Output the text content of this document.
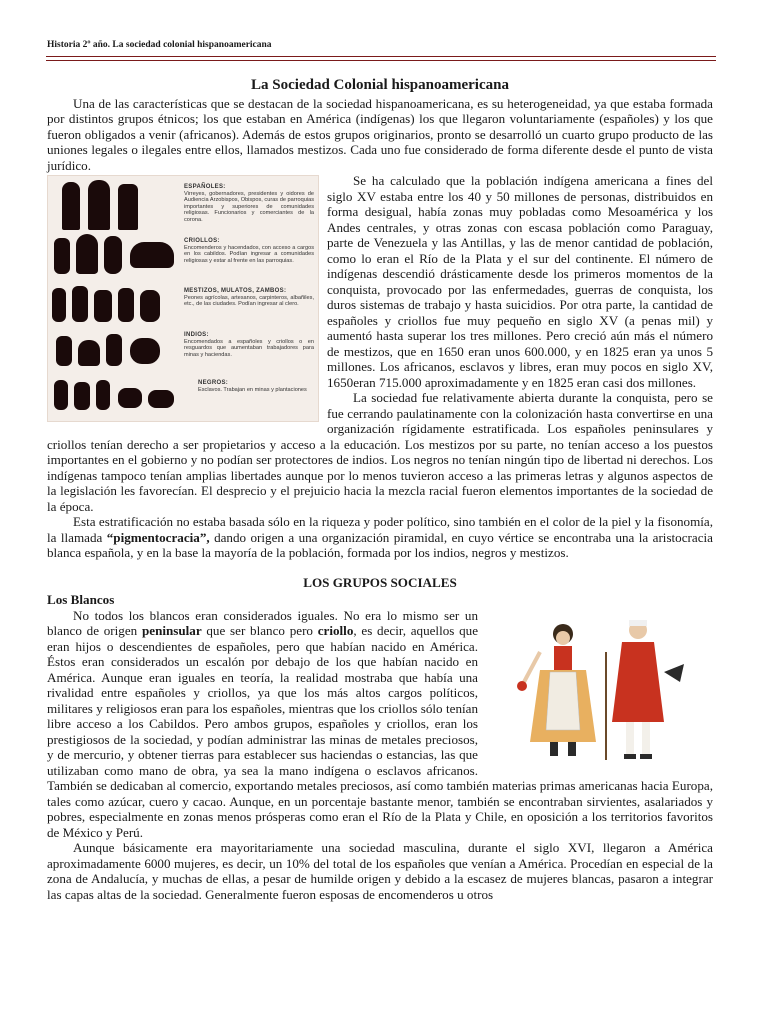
Historia 2º año. La sociedad colonial hispanoamericana
La Sociedad Colonial hispanoamericana

Una de las características que se destacan de la sociedad hispanoamericana, es su heterogeneidad, ya que estaba formada por distintos grupos étnicos; los que estaban en América (indígenas) los que llegaron voluntariamente (españoles) y los que fueron obligados a venir (africanos). Además de estos grupos originarios, pronto se desarrolló un cuarto grupo producto de las uniones legales o ilegales entre ellos, llamados mestizos. Cada uno fue considerado de forma diferente desde el punto de vista jurídico.

ESPAÑOLES:
Virreyes, gobernadores, presidentes y oidores de Audiencia Arzobispos, Obispos, curas de parroquias importantes y superiores de comunidades religiosas. Funcionarios y comerciantes de la corona.
CRIOLLOS:
Encomenderos y hacendados, con acceso a cargos en los cabildos. Podían ingresar a comunidades religiosas y estar al frente en las parroquias.
MESTIZOS, MULATOS, ZAMBOS:
Peones agrícolas, artesanos, carpinteros, albañiles, etc., de las ciudades. Podían ingresar al clero.
INDIOS:
Encomendados a españoles y criollos o en resguardos que aumentaban trabajadores para minas y haciendas.
NEGROS:
Esclavos. Trabajan en minas y plantaciones

Se ha calculado que la población indígena americana a fines del siglo XV estaba entre los 40 y 50 millones de personas, distribuidos en forma desigual, había zonas muy pobladas como Mesoamérica y los Andes centrales, y otras zonas con escasa población como Paraguay, parte de Venezuela y las Antillas, y las de menor cantidad de población, como lo eran el Río de la Plata y el sur del continente. El número de indígenas descendió drásticamente desde los primeros momentos de la conquista, provocado por las enfermedades, guerras de conquista, los duros sistemas de trabajo y hasta suicidios. Por otra parte, la cantidad de españoles y criollos fue muy pequeño en siglo XV (a penas mil) y aumentó hasta superar los tres millones. Pero creció aún más el número de mestizos, que en 1650 eran unos 600.000, y en 1825 eran ya unos 5 millones. Los africanos, esclavos y libres, eran muy pocos en siglo XV, 1650eran 715.000 aproximadamente y en 1825 eran casi dos millones.

La sociedad fue relativamente abierta durante la conquista, pero se fue cerrando paulatinamente con la colonización hasta convertirse en una organización rígidamente estratificada. Los españoles peninsulares y criollos tenían derecho a ser propietarios y acceso a la educación. Los mestizos por su parte, no tenían acceso a los puestos importantes en el gobierno y no podían ser protectores de indios. Los negros no tenían ningún tipo de libertad ni derechos. Los indígenas tampoco tenían amplias libertades aunque por lo menos tuvieron acceso a las primeras letras y algunos aspectos de la legislación les favorecían. El desprecio y el prejuicio hacia la mezcla racial fueron elementos importantes de la sociedad de la época.

Esta estratificación no estaba basada sólo en la riqueza y poder político, sino también en el color de la piel y la fisonomía, la llamada “pigmentocracia”, dando origen a una organización piramidal, en cuyo vértice se encontraba una la aristocracia blanca española, y en la base la mayoría de la población, formada por los indios, negros y mestizos.

LOS GRUPOS SOCIALES

Los Blancos

No todos los blancos eran considerados iguales. No era lo mismo ser un blanco de origen peninsular que ser blanco pero criollo, es decir, aquellos que eran hijos o descendientes de españoles, pero que habían nacido en América. Éstos eran considerados un escalón por debajo de los que habían nacido en América. Aunque eran iguales en teoría, la realidad mostraba que había una rivalidad entre españoles y criollos, ya que los más altos cargos políticos, militares y religiosos eran para los españoles, mientras que los criollos sólo tenían libre acceso a los Cabildos. Pero ambos grupos, españoles y criollos, eran los prestigiosos de la sociedad, y podían administrar las minas de metales preciosos, y de mercurio, y obtener tierras para establecer sus haciendas o estancias, las que utilizaban como mano de obra, ya sea la mano indígena o esclavos africanos. También se dedicaban al comercio, exportando metales preciosos, así como también materias primas americanas hacia Europa, tales como azúcar, cuero y cacao. Aunque, en un porcentaje bastante menor, también se encontraban sirvientes, asalariados y pobres, especialmente en zonas menos prósperas como eran el Río de la Plata y Chile, en oposición a los territorios favoritos de México y Perú.

Aunque básicamente era mayoritariamente una sociedad masculina, durante el siglo XVI, llegaron a América aproximadamente 6000 mujeres, es decir, un 10% del total de los españoles que venían a América. Procedían en especial de la zona de Andalucía, y muchas de ellas, a pesar de humilde origen y debido a la escasez de mujeres blancas, pasaron a integrar las capas altas de la sociedad. Generalmente fueron esposas de encomenderos u otros
